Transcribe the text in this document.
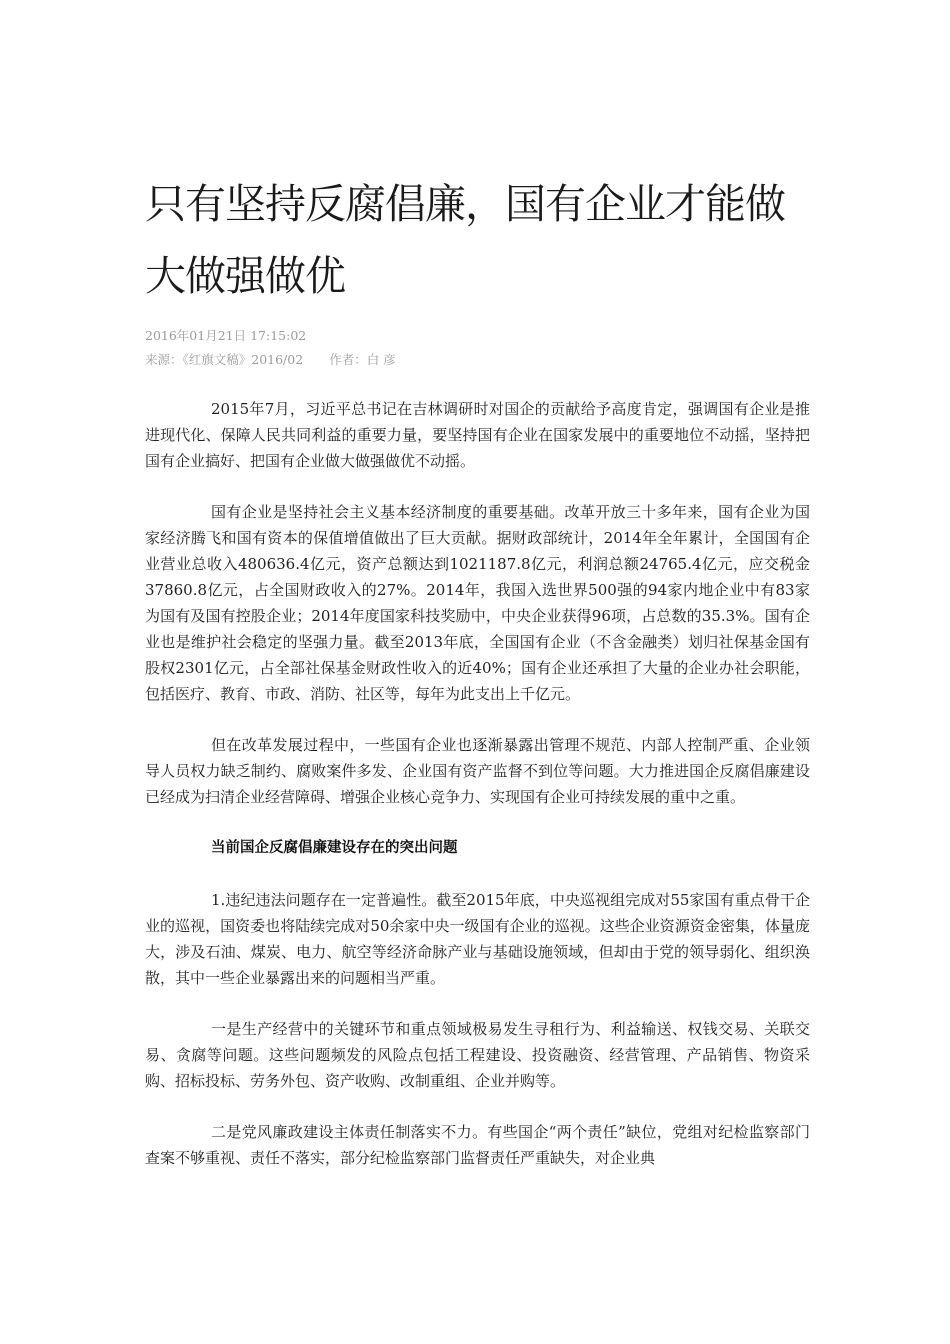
只有坚持反腐倡廉，国有企业才能做大做强做优
2016年01月21日 17:15:02
来源：《红旗文稿》2016/02 作者：白 彦

2015年7月，习近平总书记在吉林调研时对国企的贡献给予高度肯定，强调国有企业是推进现代化、保障人民共同利益的重要力量，要坚持国有企业在国家发展中的重要地位不动摇，坚持把国有企业搞好、把国有企业做大做强做优不动摇。

国有企业是坚持社会主义基本经济制度的重要基础。改革开放三十多年来，国有企业为国家经济腾飞和国有资本的保值增值做出了巨大贡献。据财政部统计，2014年全年累计，全国国有企业营业总收入480636.4亿元，资产总额达到1021187.8亿元，利润总额24765.4亿元，应交税金37860.8亿元，占全国财政收入的27%。2014年，我国入选世界500强的94家内地企业中有83家为国有及国有控股企业；2014年度国家科技奖励中，中央企业获得96项，占总数的35.3%。国有企业也是维护社会稳定的坚强力量。截至2013年底，全国国有企业（不含金融类）划归社保基金国有股权2301亿元，占全部社保基金财政性收入的近40%；国有企业还承担了大量的企业办社会职能，包括医疗、教育、市政、消防、社区等，每年为此支出上千亿元。

但在改革发展过程中，一些国有企业也逐渐暴露出管理不规范、内部人控制严重、企业领导人员权力缺乏制约、腐败案件多发、企业国有资产监督不到位等问题。大力推进国企反腐倡廉建设已经成为扫清企业经营障碍、增强企业核心竞争力、实现国有企业可持续发展的重中之重。

当前国企反腐倡廉建设存在的突出问题

1.违纪违法问题存在一定普遍性。截至2015年底，中央巡视组完成对55家国有重点骨干企业的巡视，国资委也将陆续完成对50余家中央一级国有企业的巡视。这些企业资源资金密集，体量庞大，涉及石油、煤炭、电力、航空等经济命脉产业与基础设施领域，但却由于党的领导弱化、组织涣散，其中一些企业暴露出来的问题相当严重。

一是生产经营中的关键环节和重点领域极易发生寻租行为、利益输送、权钱交易、关联交易、贪腐等问题。这些问题频发的风险点包括工程建设、投资融资、经营管理、产品销售、物资采购、招标投标、劳务外包、资产收购、改制重组、企业并购等。

二是党风廉政建设主体责任制落实不力。有些国企“两个责任”缺位，党组对纪检监察部门查案不够重视、责任不落实，部分纪检监察部门监督责任严重缺失，对企业典
